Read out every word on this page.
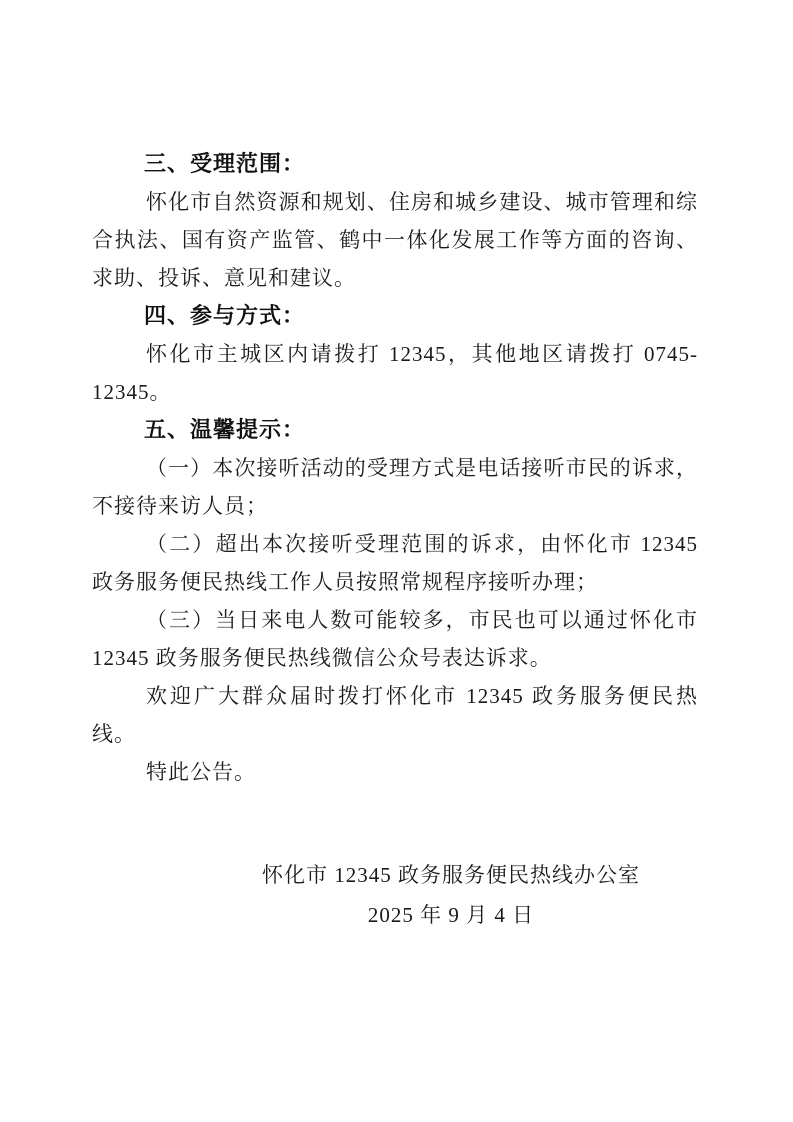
三、受理范围：

怀化市自然资源和规划、住房和城乡建设、城市管理和综合执法、国有资产监管、鹤中一体化发展工作等方面的咨询、求助、投诉、意见和建议。

四、参与方式：

怀化市主城区内请拨打 12345，其他地区请拨打 0745-12345。

五、温馨提示：

（一）本次接听活动的受理方式是电话接听市民的诉求，不接待来访人员；

（二）超出本次接听受理范围的诉求，由怀化市 12345 政务服务便民热线工作人员按照常规程序接听办理；

（三）当日来电人数可能较多，市民也可以通过怀化市 12345 政务服务便民热线微信公众号表达诉求。

欢迎广大群众届时拨打怀化市 12345 政务服务便民热线。

特此公告。

怀化市 12345 政务服务便民热线办公室

2025 年 9 月 4 日
